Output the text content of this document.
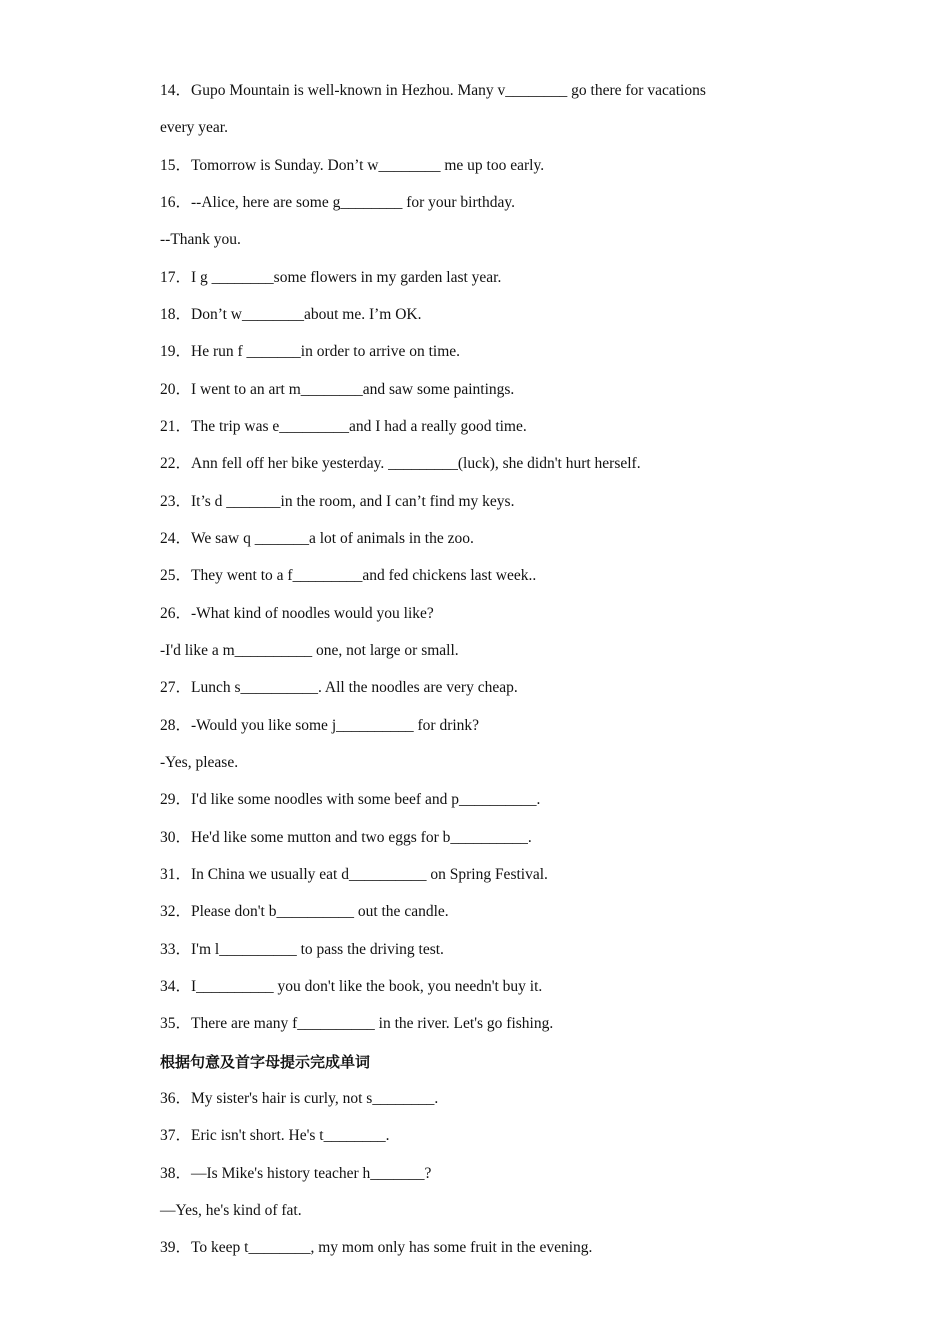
14．Gupo Mountain is well-known in Hezhou. Many v________ go there for vacations
every year.
15．Tomorrow is Sunday. Don’t w________ me up too early.
16．--Alice, here are some g________ for your birthday.
--Thank you.
17．I g ________some flowers in my garden last year.
18．Don’t w________about me. I’m OK.
19．He run f _______in order to arrive on time.
20．I went to an art m________and saw some paintings.
21．The trip was e_________and I had a really good time.
22．Ann fell off her bike yesterday. _________(luck), she didn't hurt herself.
23．It’s d _______in the room, and I can’t find my keys.
24．We saw q _______a lot of animals in the zoo.
25．They went to a f_________and fed chickens last week..
26．-What kind of noodles would you like?
-I'd like a m__________ one, not large or small.
27．Lunch s__________. All the noodles are very cheap.
28．-Would you like some j__________ for drink?
-Yes, please.
29．I'd like some noodles with some beef and p__________.
30．He'd like some mutton and two eggs for b__________.
31．In China we usually eat d__________ on Spring Festival.
32．Please don't b__________ out the candle.
33．I'm l__________ to pass the driving test.
34．I__________ you don't like the book, you needn't buy it.
35．There are many f__________ in the river. Let's go fishing.
根据句意及首字母提示完成单词
36．My sister's hair is curly, not s________.
37．Eric isn't short. He's t________.
38．—Is Mike's history teacher h_______?
—Yes, he's kind of fat.
39．To keep t________, my mom only has some fruit in the evening.
